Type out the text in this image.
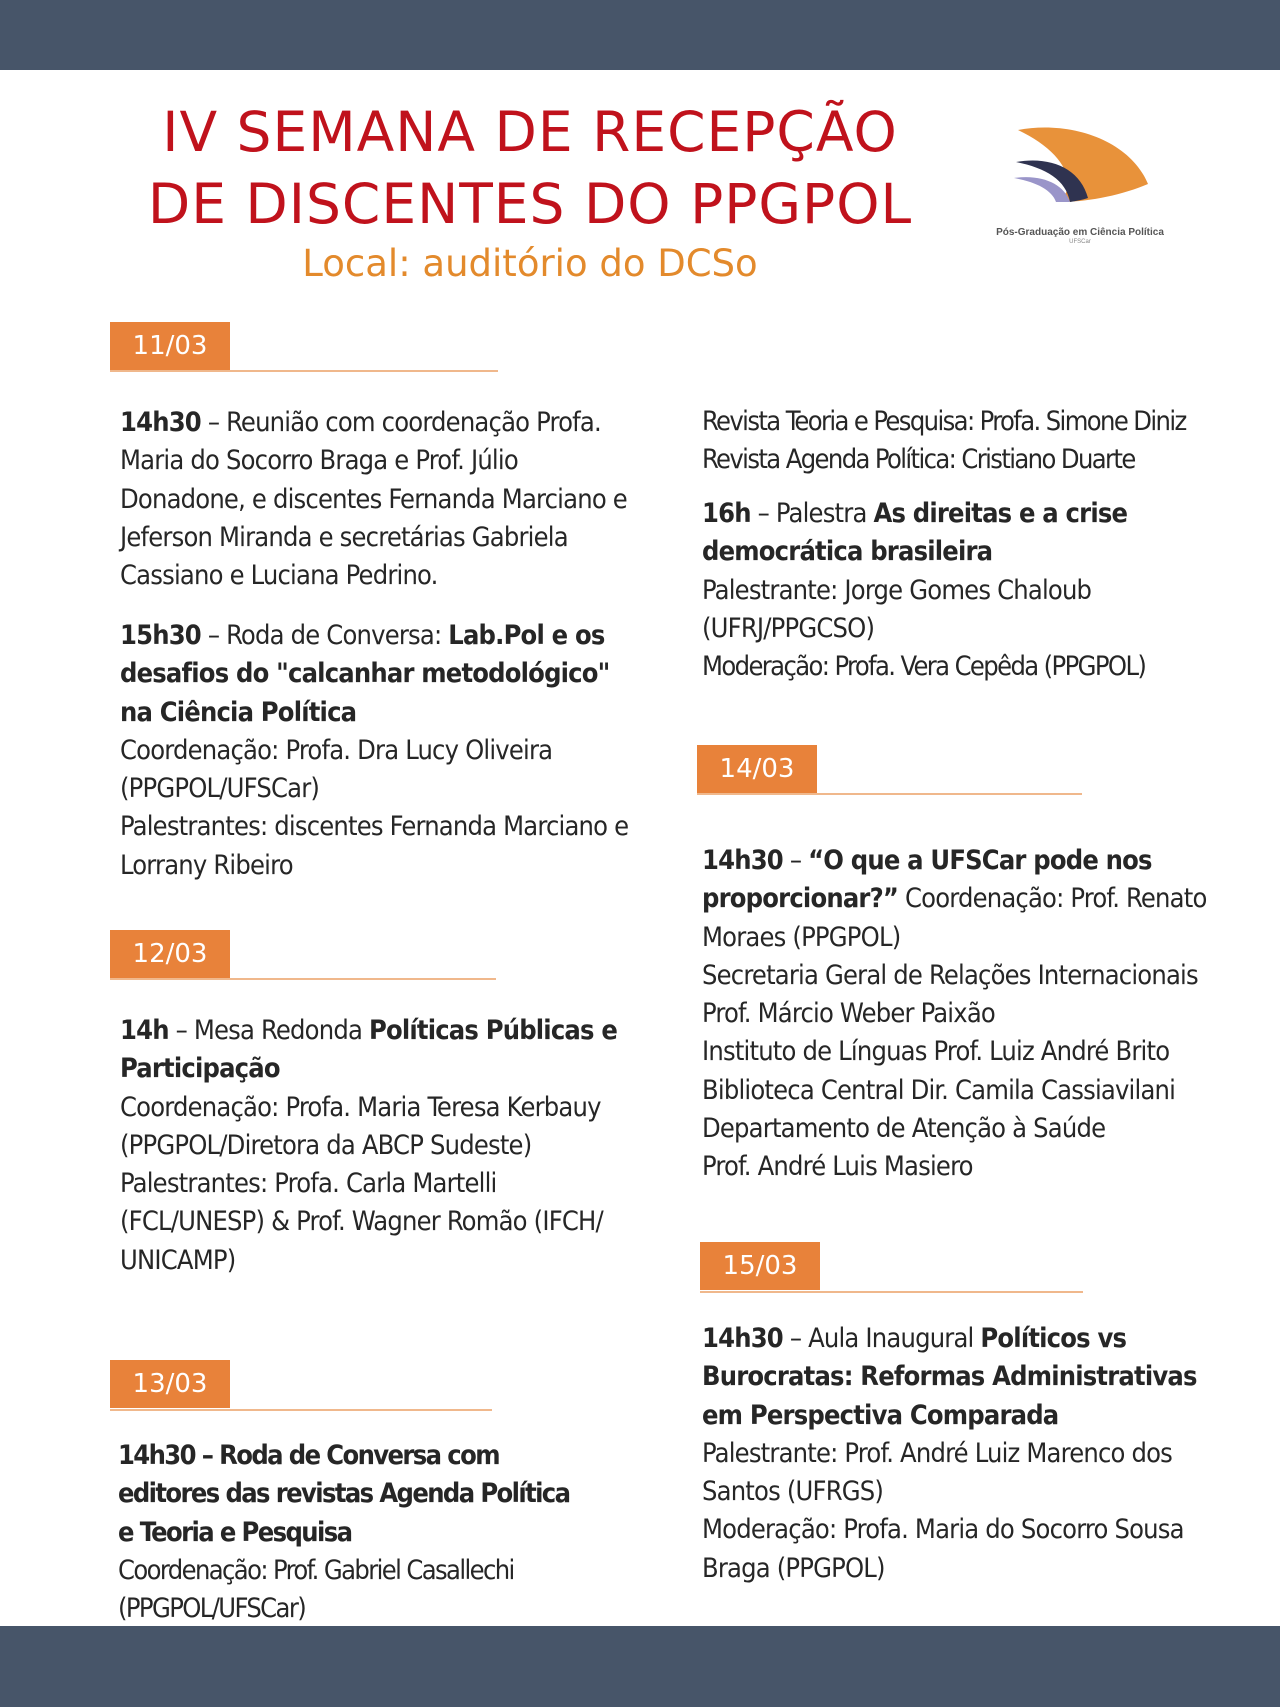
IV SEMANA DE RECEPÇÃO
DE DISCENTES DO PPGPOL
Local: auditório do DCSo
Pós-Graduação em Ciência Política
UFSCar
11/03
14h30 – Reunião com coordenação Profa. Maria do Socorro Braga e Prof. Júlio Donadone, e discentes Fernanda Marciano e Jeferson Miranda e secretárias Gabriela Cassiano e Luciana Pedrino.
15h30 – Roda de Conversa: Lab.Pol e os desafios do "calcanhar metodológico" na Ciência Política
Coordenação: Profa. Dra Lucy Oliveira (PPGPOL/UFSCar)
Palestrantes: discentes Fernanda Marciano e Lorrany Ribeiro
12/03
14h – Mesa Redonda Políticas Públicas e Participação
Coordenação: Profa. Maria Teresa Kerbauy (PPGPOL/Diretora da ABCP Sudeste)
Palestrantes: Profa. Carla Martelli (FCL/UNESP) & Prof. Wagner Romão (IFCH/ UNICAMP)
13/03
14h30 – Roda de Conversa com editores das revistas Agenda Política e Teoria e Pesquisa
Coordenação: Prof. Gabriel Casallechi (PPGPOL/UFSCar)
Revista Teoria e Pesquisa: Profa. Simone Diniz
Revista Agenda Política: Cristiano Duarte
16h – Palestra As direitas e a crise democrática brasileira
Palestrante: Jorge Gomes Chaloub (UFRJ/PPGCSO)
Moderação: Profa. Vera Cepêda (PPGPOL)
14/03
14h30 – “O que a UFSCar pode nos proporcionar?” Coordenação: Prof. Renato Moraes (PPGPOL)
Secretaria Geral de Relações Internacionais Prof. Márcio Weber Paixão
Instituto de Línguas Prof. Luiz André Brito
Biblioteca Central Dir. Camila Cassiavilani
Departamento de Atenção à Saúde
Prof. André Luis Masiero
15/03
14h30 – Aula Inaugural Políticos vs Burocratas: Reformas Administrativas em Perspectiva Comparada
Palestrante: Prof. André Luiz Marenco dos Santos (UFRGS)
Moderação: Profa. Maria do Socorro Sousa Braga (PPGPOL)
